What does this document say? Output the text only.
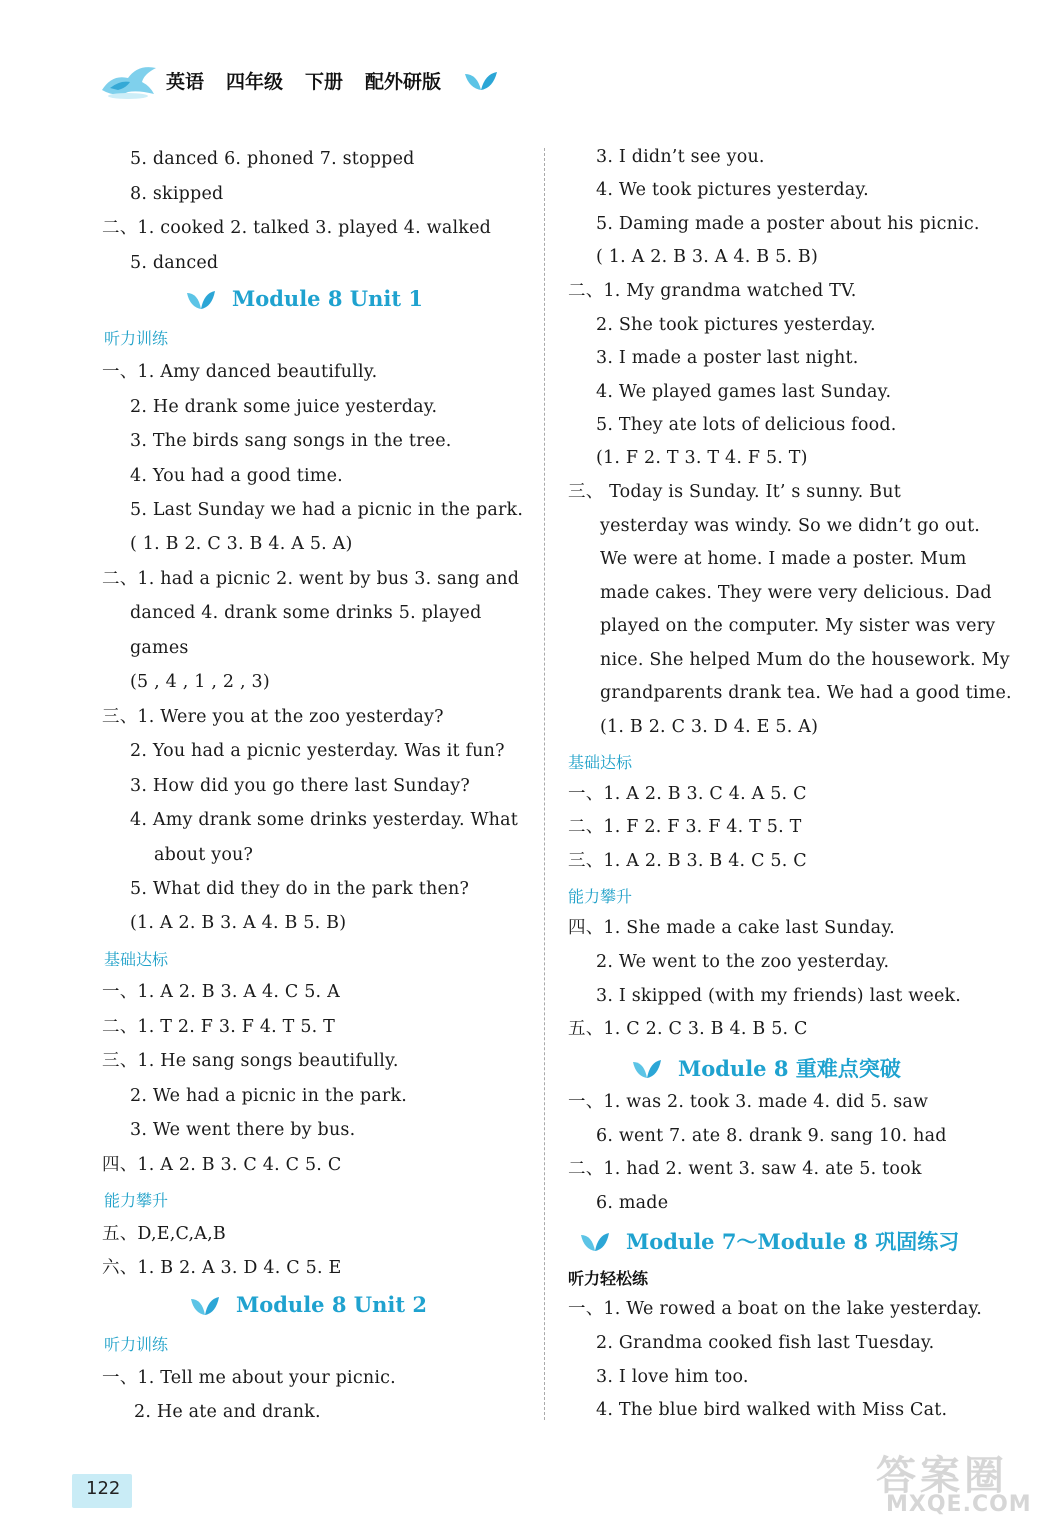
英语 四年级 下册 配外研版
5. danced 6. phoned 7. stopped
8. skipped
二、1. cooked 2. talked 3. played 4. walked
5. danced
Module 8 Unit 1
听力训练
一、1. Amy danced beautifully.
2. He drank some juice yesterday.
3. The birds sang songs in the tree.
4. You had a good time.
5. Last Sunday we had a picnic in the park.
( 1. B 2. C 3. B 4. A 5. A)
二、1. had a picnic 2. went by bus 3. sang and
danced 4. drank some drinks 5. played
games
(5 , 4 , 1 , 2 , 3)
三、1. Were you at the zoo yesterday?
2. You had a picnic yesterday. Was it fun?
3. How did you go there last Sunday?
4. Amy drank some drinks yesterday. What
about you?
5. What did they do in the park then?
(1. A 2. B 3. A 4. B 5. B)
基础达标
一、1. A 2. B 3. A 4. C 5. A
二、1. T 2. F 3. F 4. T 5. T
三、1. He sang songs beautifully.
2. We had a picnic in the park.
3. We went there by bus.
四、1. A 2. B 3. C 4. C 5. C
能力攀升
五、D,E,C,A,B
六、1. B 2. A 3. D 4. C 5. E
Module 8 Unit 2
听力训练
一、1. Tell me about your picnic.
2. He ate and drank.
3. I didn’t see you.
4. We took pictures yesterday.
5. Daming made a poster about his picnic.
( 1. A 2. B 3. A 4. B 5. B)
二、1. My grandma watched TV.
2. She took pictures yesterday.
3. I made a poster last night.
4. We played games last Sunday.
5. They ate lots of delicious food.
(1. F 2. T 3. T 4. F 5. T)
三、 Today is Sunday. It’ s sunny. But
yesterday was windy. So we didn’t go out.
We were at home. I made a poster. Mum
made cakes. They were very delicious. Dad
played on the computer. My sister was very
nice. She helped Mum do the housework. My
grandparents drank tea. We had a good time.
(1. B 2. C 3. D 4. E 5. A)
基础达标
一、1. A 2. B 3. C 4. A 5. C
二、1. F 2. F 3. F 4. T 5. T
三、1. A 2. B 3. B 4. C 5. C
能力攀升
四、1. She made a cake last Sunday.
2. We went to the zoo yesterday.
3. I skipped (with my friends) last week.
五、1. C 2. C 3. B 4. B 5. C
Module 8 重难点突破
一、1. was 2. took 3. made 4. did 5. saw
6. went 7. ate 8. drank 9. sang 10. had
二、1. had 2. went 3. saw 4. ate 5. took
6. made
Module 7～Module 8 巩固练习
听力轻松练
一、1. We rowed a boat on the lake yesterday.
2. Grandma cooked fish last Tuesday.
3. I love him too.
4. The blue bird walked with Miss Cat.
122	答案圈
MXQE.COM
